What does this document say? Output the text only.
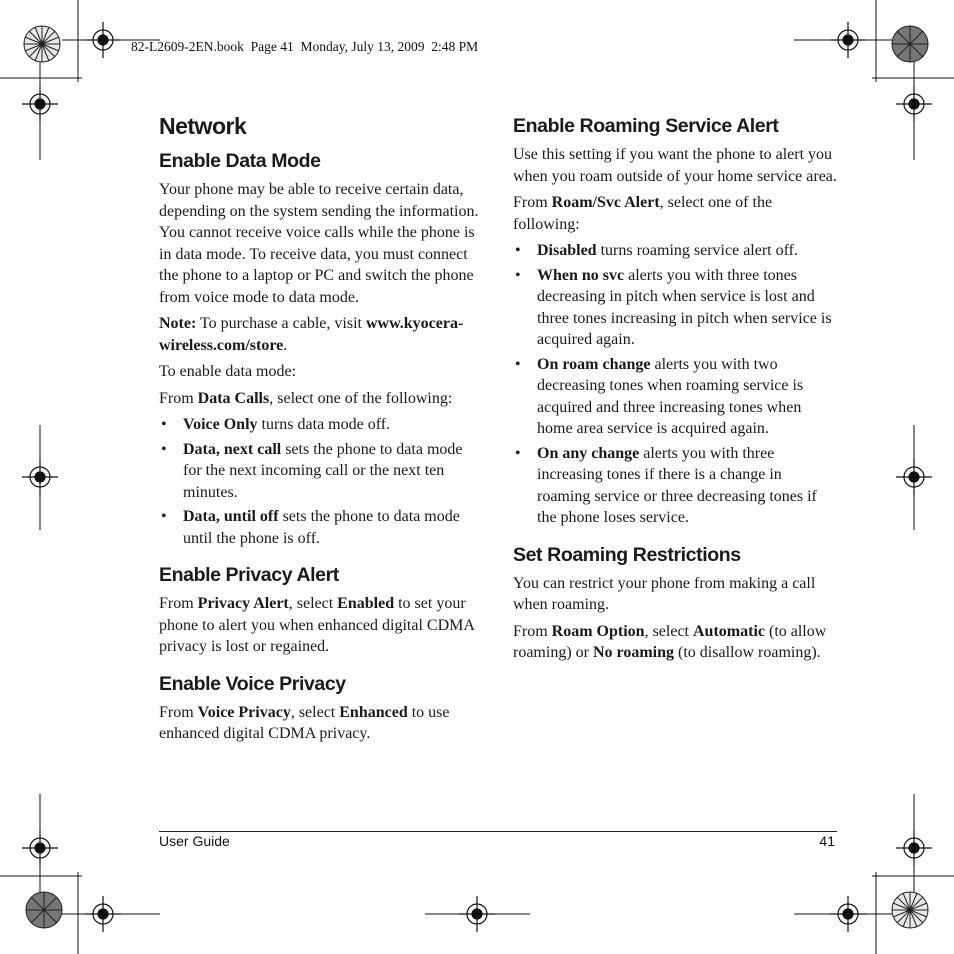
82-L2609-2EN.book  Page 41  Monday, July 13, 2009  2:48 PM
Network
Enable Data Mode

Your phone may be able to receive certain data, depending on the system sending the information. You cannot receive voice calls while the phone is in data mode. To receive data, you must connect the phone to a laptop or PC and switch the phone from voice mode to data mode.

Note: To purchase a cable, visit www.kyocera-wireless.com/store.

To enable data mode:

From Data Calls, select one of the following:

• Voice Only turns data mode off.
• Data, next call sets the phone to data mode for the next incoming call or the next ten minutes.
• Data, until off sets the phone to data mode until the phone is off.
Enable Privacy Alert

From Privacy Alert, select Enabled to set your phone to alert you when enhanced digital CDMA privacy is lost or regained.

Enable Voice Privacy

From Voice Privacy, select Enhanced to use enhanced digital CDMA privacy.

Enable Roaming Service Alert

Use this setting if you want the phone to alert you when you roam outside of your home service area.

From Roam/Svc Alert, select one of the following:

• Disabled turns roaming service alert off.
• When no svc alerts you with three tones decreasing in pitch when service is lost and three tones increasing in pitch when service is acquired again.
• On roam change alerts you with two decreasing tones when roaming service is acquired and three increasing tones when home area service is acquired again.
• On any change alerts you with three increasing tones if there is a change in roaming service or three decreasing tones if the phone loses service.
Set Roaming Restrictions

You can restrict your phone from making a call when roaming.

From Roam Option, select Automatic (to allow roaming) or No roaming (to disallow roaming).

User Guide	41
